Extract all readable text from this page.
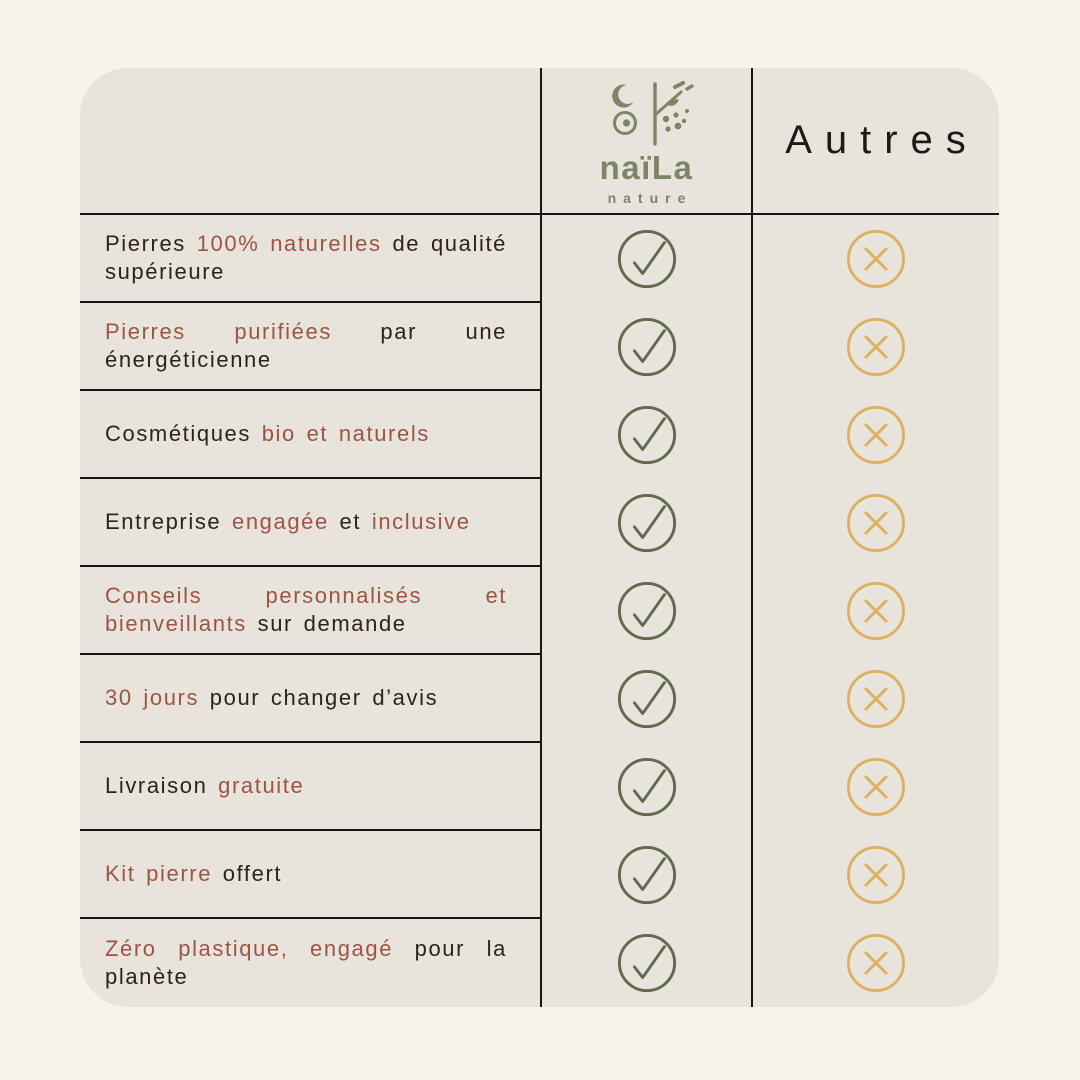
naïLa
nature
Autres
Pierres 100% naturelles de qualité supérieure
Pierres purifiées par une énergéticienne
Cosmétiques bio et naturels
Entreprise engagée et inclusive
Conseils personnalisés et bienveillants sur demande
30 jours pour changer d’avis
Livraison gratuite
Kit pierre offert
Zéro plastique, engagé pour la planète
